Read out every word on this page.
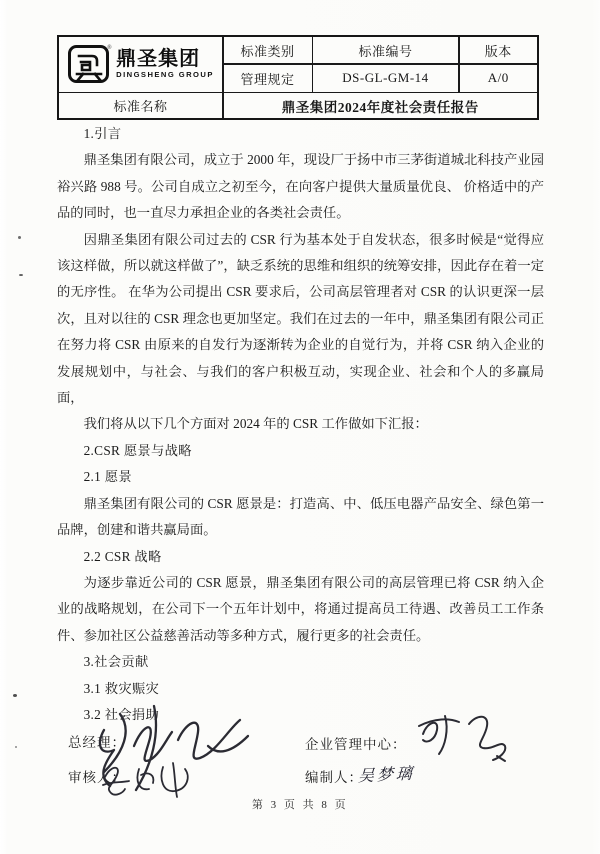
®
鼎圣集团
DINGSHENG GROUP
标准类别	标准编号	版本
管理规定	DS-GL-GM-14	A/0
标准名称	鼎圣集团2024年度社会责任报告
1.引言
鼎圣集团有限公司，成立于 2000 年，现设厂于扬中市三茅街道城北科技产业园裕兴路 988 号。公司自成立之初至今，在向客户提供大量质量优良、 价格适中的产品的同时，也一直尽力承担企业的各类社会责任。
因鼎圣集团有限公司过去的 CSR 行为基本处于自发状态，很多时候是“觉得应该这样做，所以就这样做了”，缺乏系统的思维和组织的统筹安排，因此存在着一定的无序性。 在华为公司提出 CSR 要求后，公司高层管理者对 CSR 的认识更深一层次，且对以往的 CSR 理念也更加坚定。我们在过去的一年中，鼎圣集团有限公司正在努力将 CSR 由原来的自发行为逐渐转为企业的自觉行为，并将 CSR 纳入企业的发展规划中，与社会、与我们的客户积极互动，实现企业、社会和个人的多赢局面，
我们将从以下几个方面对 2024 年的 CSR 工作做如下汇报：
2.CSR 愿景与战略
2.1 愿景
鼎圣集团有限公司的 CSR 愿景是：打造高、中、低压电器产品安全、绿色第一品牌，创建和谐共赢局面。
2.2 CSR 战略
为逐步靠近公司的 CSR 愿景，鼎圣集团有限公司的高层管理已将 CSR 纳入企业的战略规划，在公司下一个五年计划中，将通过提高员工待遇、改善员工工作条件、参加社区公益慈善活动等多种方式，履行更多的社会责任。
3.社会贡献
3.1 救灾赈灾
3.2 社会捐助
总经理：	企业管理中心：
审核人：	编制人：
吴梦璃
第 3 页 共 8 页
